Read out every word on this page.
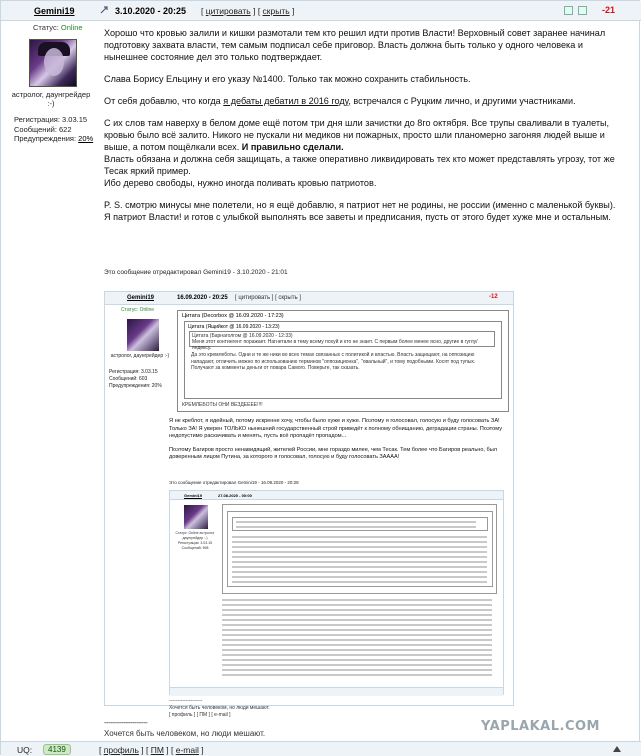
Gemini19	3.10.2020 - 20:25 [ цитировать ] [ скрыть ]	-21
Статус: Online
астролог, даунгрейдер :-)
Регистрация: 3.03.15
Сообщений: 622
Предупреждения: 20%

Хорошо что кровью залили и кишки размотали тем кто решил идти против Власти! Верховный совет заранее начинал подготовку захвата власти, тем самым подписал себе приговор. Власть должна быть только у одного человека и нынешнее состояние дел это только подтверждает.

Слава Борису Ельцину и его указу №1400. Только так можно сохранить стабильность.

От себя добавлю, что когда я дебаты дебатил в 2016 году, встречался с Руцким лично, и другими участниками.

С их слов там наверху в белом доме ещё потом три дня шли зачистки до 8го октября. Все трупы сваливали в туалеты, кровью было всё залито. Никого не пускали ни медиков ни пожарных, просто шли планомерно загоняя людей выше и выше, а потом пощёлкали всех. И правильно сделали.

Власть обязана и должна себя защищать, а также оперативно ликвидировать тех кто может представлять угрозу, тот же Тесак яркий пример.

Ибо дерево свободы, нужно иногда поливать кровью патриотов.

P. S. смотрю минусы мне полетели, но я ещё добавлю, я патриот нет не родины, не россии (именно с маленькой буквы). Я патриот Власти! и готов с улыбкой выполнять все заветы и предписания, пусть от этого будет хуже мне и остальным.

Это сообщение отредактировал Gemini19 - 3.10.2020 - 21:01
Gemini19	16.09.2020 - 20:25 [ цитировать ] [ скрыть ]	-12
Статус: Online
астролог, даунгрейдер :-)
Регистрация: 3.03.15 Сообщений: 603 Предупреждения: 20%
Цитата (Decorbox @ 16.09.2020 - 17:23)
Цитата (Ящийкот @ 16.09.2020 - 13:23)
Цитата (Барнаголгом @ 16.09.2020 - 12:33)
Меня этот контингент поражает. Нагнетали в тему всему похуй и кто не знает. С первым более менее ясно, другие в гуглу/яндексу.
Да это кремлеботы. Одни и те же ники во всех темах связанных с политикой и властью. Власть защищают, на оппозицию нападают, отличить можно по использованию терминов "оппозиционка", "овальный", и тому подобными. Косят под тупых. Получают за комменты деньги от повара Самого. Поверьте, так сказать.
КРЕМЛЕБОТЫ ОНИ ВЕЗДЕЕЕЕ!!!!

Я не креблот, я идейный, потому искренне хочу, чтобы было хуже и хуже. Поэтому я голосовал, голосую и буду голосовать ЗА! Только ЗА! Я уверен ТОЛЬКО нынешний государственный строй приведёт к полному обнищанию, деградации страны. Поэтому недопустимо раскачивать и менять, пусть всё пропадёт пропадом...

Поэтому Багиров просто ненавидящий, жителей России, мне гораздо милее, чем Тесак. Тем более что Багиров реально, был доверенным лицом Путина, за которого я голосовал, голосую и буду голосовать ЗАААА!

Это сообщение отредактировал Gemini19 - 16.09.2020 - 20:28
Gemini19	27.08.2020 - 00:00
Статус: Online астролог, даунгрейдер :-) Регистрация: 3.03.15 Сообщений: 598
--------------------
Хочется быть человеком, но люди мешают.
[ профиль ] [ ПМ ] [ e-mail ]
YAPLAKAL.COM
--------------------
Хочется быть человеком, но люди мешают.
UQ:	4139	[ профиль ] [ ПМ ] [ e-mail ]
